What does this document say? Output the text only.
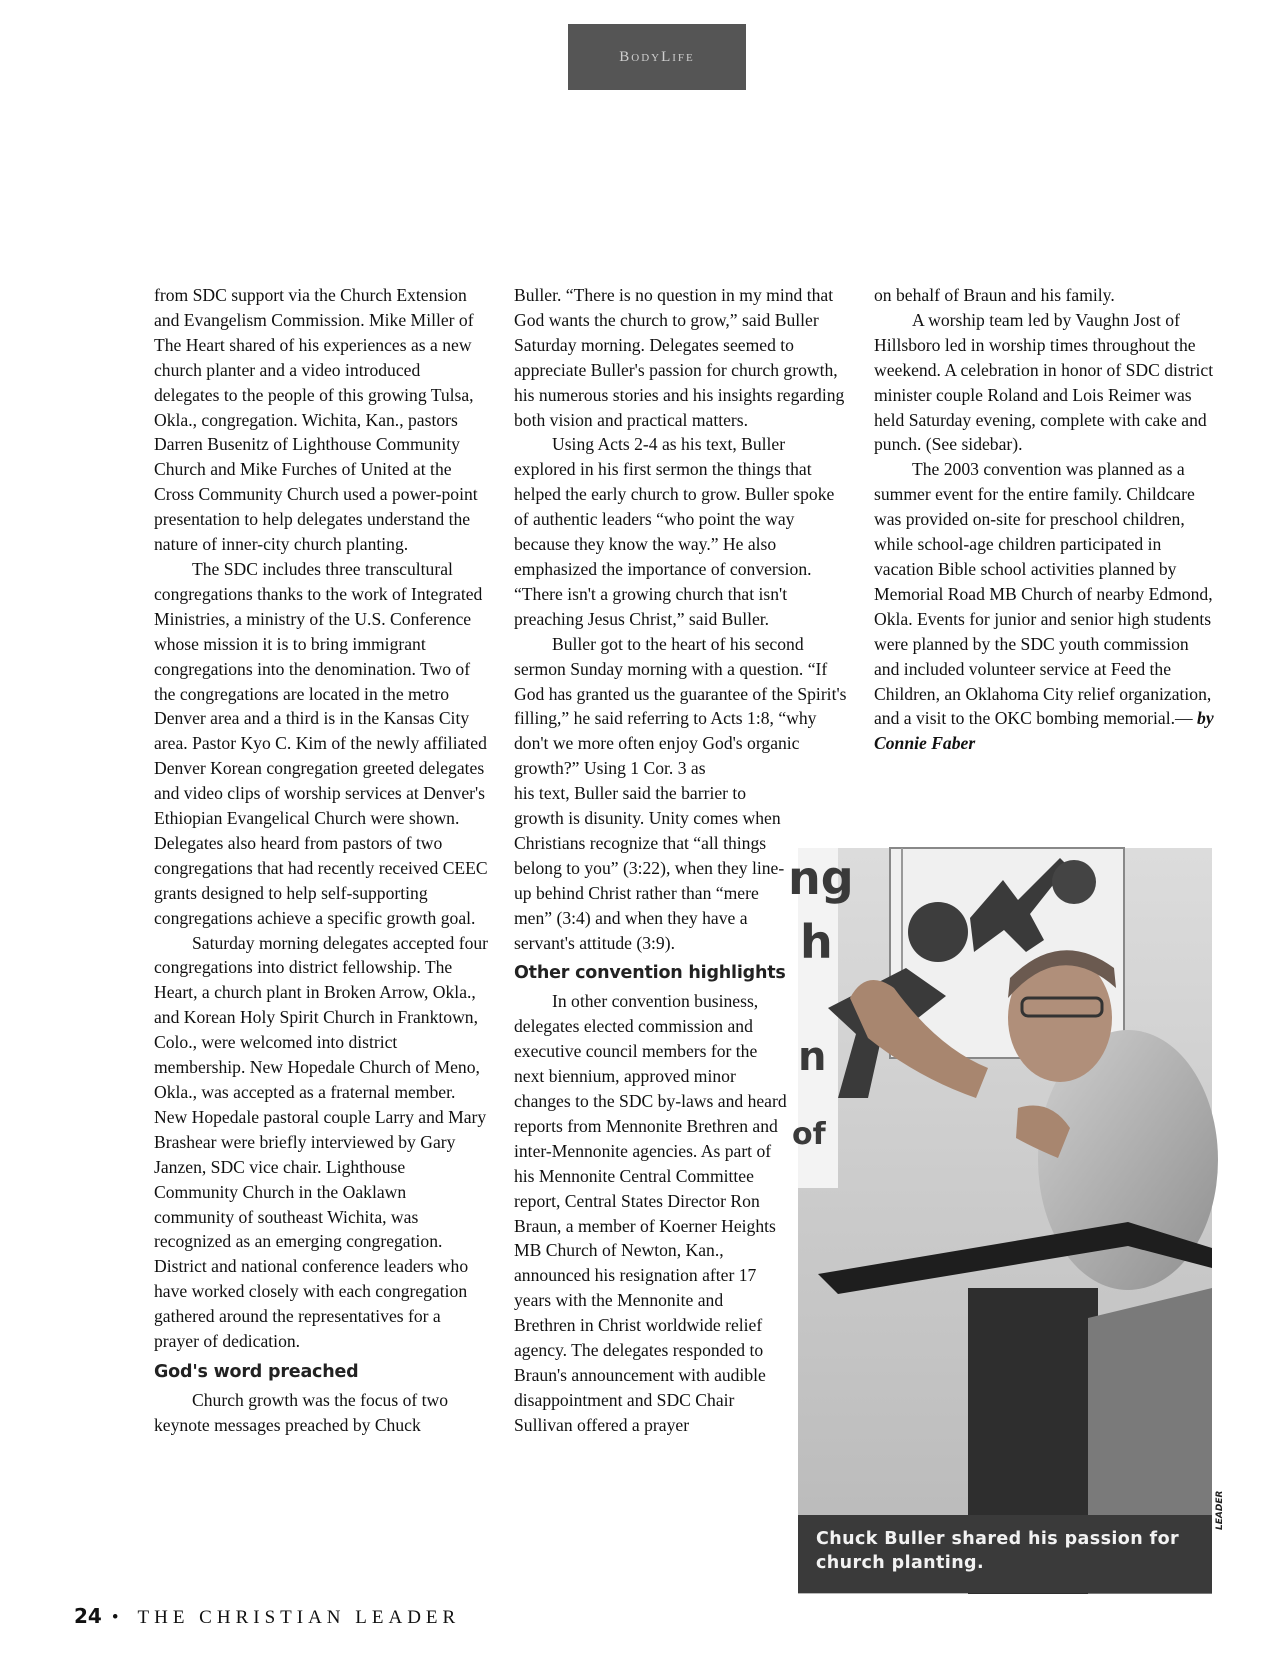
BodyLife

from SDC support via the Church Extension and Evangelism Commission. Mike Miller of The Heart shared of his experiences as a new church planter and a video introduced delegates to the people of this growing Tulsa, Okla., congregation. Wichita, Kan., pastors Darren Busenitz of Lighthouse Community Church and Mike Furches of United at the Cross Community Church used a power-point presentation to help delegates understand the nature of inner-city church planting.

The SDC includes three transcultural congregations thanks to the work of Integrated Ministries, a ministry of the U.S. Conference whose mission it is to bring immigrant congregations into the denomination. Two of the congregations are located in the metro Denver area and a third is in the Kansas City area. Pastor Kyo C. Kim of the newly affiliated Denver Korean congregation greeted delegates and video clips of worship services at Denver's Ethiopian Evangelical Church were shown. Delegates also heard from pastors of two congregations that had recently received CEEC grants designed to help self-supporting congregations achieve a specific growth goal.

Saturday morning delegates accepted four congregations into district fellowship. The Heart, a church plant in Broken Arrow, Okla., and Korean Holy Spirit Church in Franktown, Colo., were welcomed into district membership. New Hopedale Church of Meno, Okla., was accepted as a fraternal member. New Hopedale pastoral couple Larry and Mary Brashear were briefly interviewed by Gary Janzen, SDC vice chair. Lighthouse Community Church in the Oaklawn community of southeast Wichita, was recognized as an emerging congregation. District and national conference leaders who have worked closely with each congregation gathered around the representatives for a prayer of dedication.

God's word preached

Church growth was the focus of two keynote messages preached by Chuck

Buller. “There is no question in my mind that God wants the church to grow,” said Buller Saturday morning. Delegates seemed to appreciate Buller's passion for church growth, his numerous stories and his insights regarding both vision and practical matters.

Using Acts 2-4 as his text, Buller explored in his first sermon the things that helped the early church to grow. Buller spoke of authentic leaders “who point the way because they know the way.” He also emphasized the importance of conversion. “There isn't a growing church that isn't preaching Jesus Christ,” said Buller.

Buller got to the heart of his second sermon Sunday morning with a question. “If God has granted us the guarantee of the Spirit's filling,” he said referring to Acts 1:8, “why don't we more often enjoy God's organic growth?” Using 1 Cor. 3 as

his text, Buller said the barrier to growth is disunity. Unity comes when Christians recognize that “all things belong to you” (3:22), when they line-up behind Christ rather than “mere men” (3:4) and when they have a servant's attitude (3:9).

Other convention highlights

In other convention business, delegates elected commission and executive council members for the next biennium, approved minor changes to the SDC by-laws and heard reports from Mennonite Brethren and inter-Mennonite agencies. As part of his Mennonite Central Committee report, Central States Director Ron Braun, a member of Koerner Heights MB Church of Newton, Kan., announced his resignation after 17 years with the Mennonite and Brethren in Christ worldwide relief agency. The delegates responded to Braun's announcement with audible disappointment and SDC Chair Sullivan offered a prayer

on behalf of Braun and his family.

A worship team led by Vaughn Jost of Hillsboro led in worship times throughout the weekend. A celebration in honor of SDC district minister couple Roland and Lois Reimer was held Saturday evening, complete with cake and punch. (See sidebar).

The 2003 convention was planned as a summer event for the entire family. Childcare was provided on-site for preschool children, while school-age children participated in vacation Bible school activities planned by Memorial Road MB Church of nearby Edmond, Okla. Events for junior and senior high students were planned by the SDC youth commission and included volunteer service at Feed the Children, an Oklahoma City relief organization, and a visit to the OKC bombing memorial.— by Connie Faber

ng
h
n
of
LEADER
Chuck Buller shared his passion for church planting.
24 • THE CHRISTIAN LEADER
